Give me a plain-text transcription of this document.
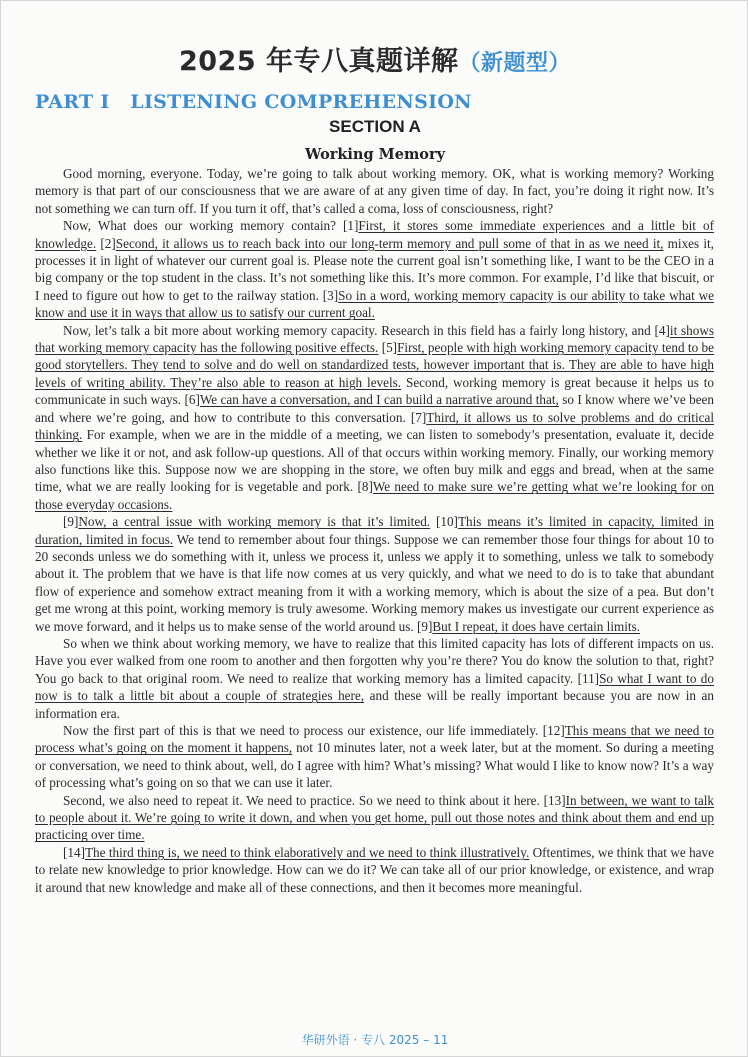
2025 年专八真题详解（新题型）
PART I   LISTENING COMPREHENSION
SECTION A
Working Memory

Good morning, everyone. Today, we’re going to talk about working memory. OK, what is working memory? Working memory is that part of our consciousness that we are aware of at any given time of day. In fact, you’re doing it right now. It’s not something we can turn off. If you turn it off, that’s called a coma, loss of consciousness, right?

Now, What does our working memory contain? [1]First, it stores some immediate experiences and a little bit of knowledge. [2]Second, it allows us to reach back into our long-term memory and pull some of that in as we need it, mixes it, processes it in light of whatever our current goal is. Please note the current goal isn’t something like, I want to be the CEO in a big company or the top student in the class. It’s not something like this. It’s more common. For example, I’d like that biscuit, or I need to figure out how to get to the railway station. [3]So in a word, working memory capacity is our ability to take what we know and use it in ways that allow us to satisfy our current goal.

Now, let’s talk a bit more about working memory capacity. Research in this field has a fairly long history, and [4]it shows that working memory capacity has the following positive effects. [5]First, people with high working memory capacity tend to be good storytellers. They tend to solve and do well on standardized tests, however important that is. They are able to have high levels of writing ability. They’re also able to reason at high levels. Second, working memory is great because it helps us to communicate in such ways. [6]We can have a conversation, and I can build a narrative around that, so I know where we’ve been and where we’re going, and how to contribute to this conversation. [7]Third, it allows us to solve problems and do critical thinking. For example, when we are in the middle of a meeting, we can listen to somebody’s presentation, evaluate it, decide whether we like it or not, and ask follow-up questions. All of that occurs within working memory. Finally, our working memory also functions like this. Suppose now we are shopping in the store, we often buy milk and eggs and bread, when at the same time, what we are really looking for is vegetable and pork. [8]We need to make sure we’re getting what we’re looking for on those everyday occasions.

[9]Now, a central issue with working memory is that it’s limited. [10]This means it’s limited in capacity, limited in duration, limited in focus. We tend to remember about four things. Suppose we can remember those four things for about 10 to 20 seconds unless we do something with it, unless we process it, unless we apply it to something, unless we talk to somebody about it. The problem that we have is that life now comes at us very quickly, and what we need to do is to take that abundant flow of experience and somehow extract meaning from it with a working memory, which is about the size of a pea. But don’t get me wrong at this point, working memory is truly awesome. Working memory makes us investigate our current experience as we move forward, and it helps us to make sense of the world around us. [9]But I repeat, it does have certain limits.

So when we think about working memory, we have to realize that this limited capacity has lots of different impacts on us. Have you ever walked from one room to another and then forgotten why you’re there? You do know the solution to that, right? You go back to that original room. We need to realize that working memory has a limited capacity. [11]So what I want to do now is to talk a little bit about a couple of strategies here, and these will be really important because you are now in an information era.

Now the first part of this is that we need to process our existence, our life immediately. [12]This means that we need to process what’s going on the moment it happens, not 10 minutes later, not a week later, but at the moment. So during a meeting or conversation, we need to think about, well, do I agree with him? What’s missing? What would I like to know now? It’s a way of processing what’s going on so that we can use it later.

Second, we also need to repeat it. We need to practice. So we need to think about it here. [13]In between, we want to talk to people about it. We’re going to write it down, and when you get home, pull out those notes and think about them and end up practicing over time.

[14]The third thing is, we need to think elaboratively and we need to think illustratively. Oftentimes, we think that we have to relate new knowledge to prior knowledge. How can we do it? We can take all of our prior knowledge, or existence, and wrap it around that new knowledge and make all of these connections, and then it becomes more meaningful.

华研外语 · 专八 2025 – 11
